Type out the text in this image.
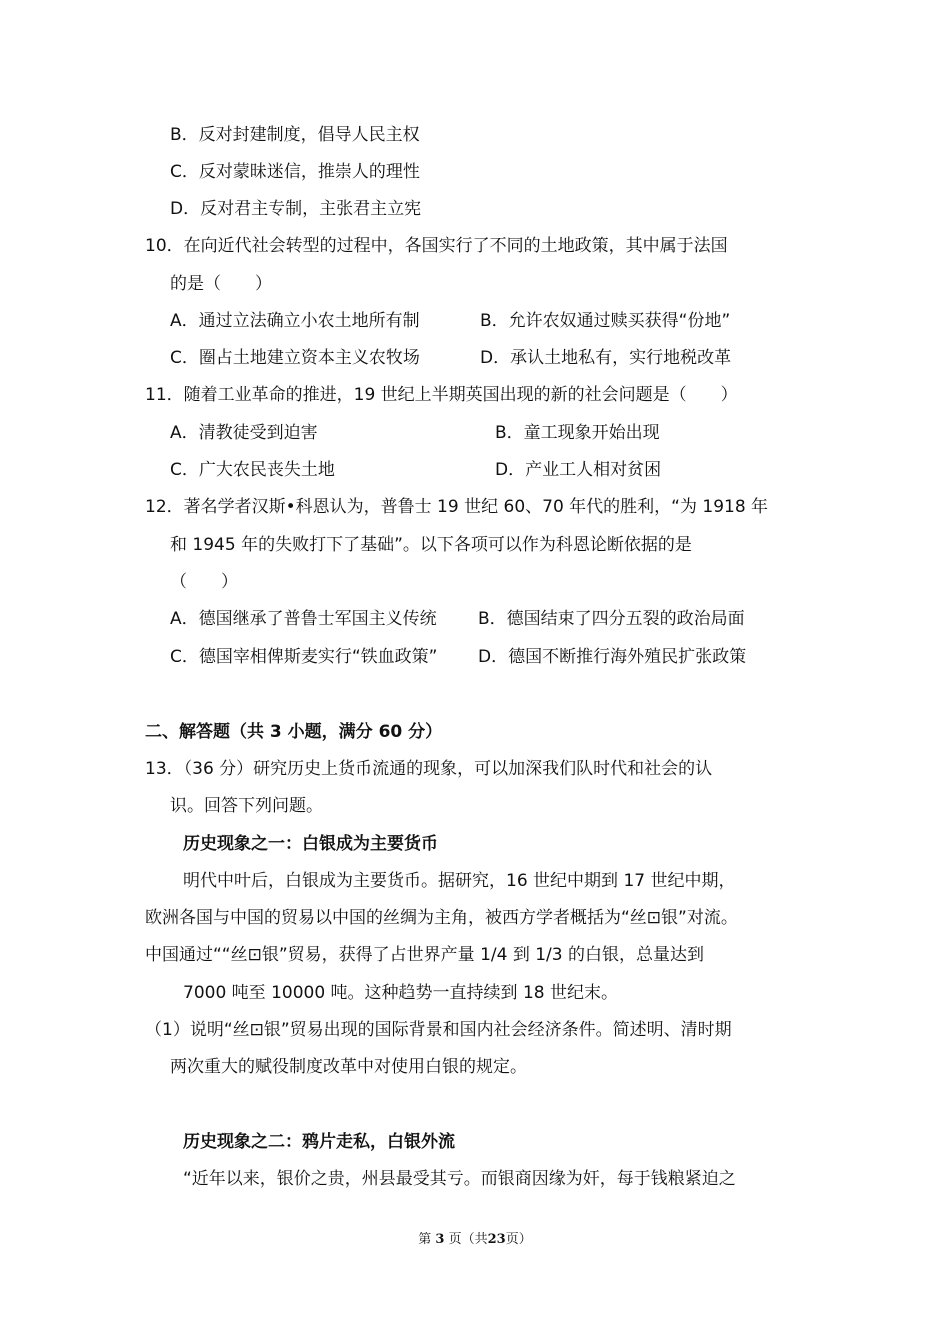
B．反对封建制度，倡导人民主权
C．反对蒙昧迷信，推崇人的理性
D．反对君主专制，主张君主立宪
10．在向近代社会转型的过程中，各国实行了不同的土地政策，其中属于法国
的是（　　）
A．通过立法确立小农土地所有制	B．允许农奴通过赎买获得“份地”
C．圈占土地建立资本主义农牧场	D．承认土地私有，实行地税改革
11．随着工业革命的推进，19 世纪上半期英国出现的新的社会问题是（　　）
A．清教徒受到迫害	B．童工现象开始出现
C．广大农民丧失土地	D．产业工人相对贫困
12．著名学者汉斯•科恩认为，普鲁士 19 世纪 60、70 年代的胜利，“为 1918 年
和 1945 年的失败打下了基础”。以下各项可以作为科恩论断依据的是
（　　）
A．德国继承了普鲁士军国主义传统 B．德国结束了四分五裂的政治局面
C．德国宰相俾斯麦实行“铁血政策” D．德国不断推行海外殖民扩张政策
二、解答题（共 3 小题，满分 60 分）
13．（36 分）研究历史上货币流通的现象，可以加深我们队时代和社会的认
识。回答下列问题。
历史现象之一：白银成为主要货币
明代中叶后，白银成为主要货币。据研究，16 世纪中期到 17 世纪中期，
欧洲各国与中国的贸易以中国的丝绸为主角，被西方学者概括为“丝⊡银”对流。
中国通过““丝⊡银”贸易，获得了占世界产量 1/4 到 1/3 的白银，总量达到
7000 吨至 10000 吨。这种趋势一直持续到 18 世纪末。
（1）说明“丝⊡银”贸易出现的国际背景和国内社会经济条件。简述明、清时期
两次重大的赋役制度改革中对使用白银的规定。
历史现象之二：鸦片走私，白银外流
“近年以来，银价之贵，州县最受其亏。而银商因缘为奸，每于钱粮紧迫之
第 3 页（共23页）
